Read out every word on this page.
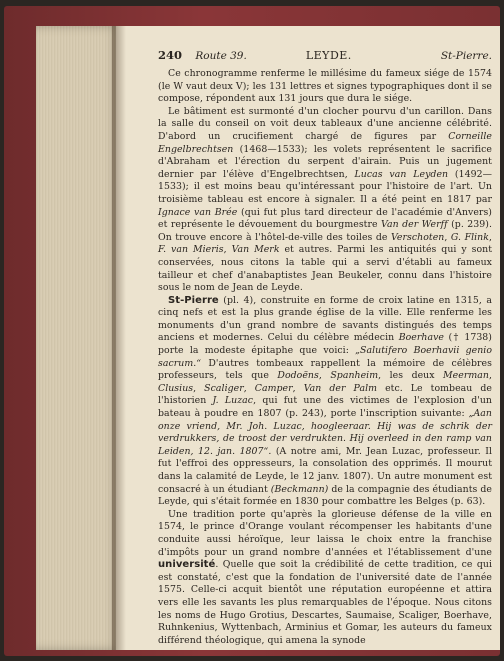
240 Route 39.	LEYDE.	St-Pierre.

Ce chronogramme renferme le millésime du fameux siége de 1574 (le W vaut deux V); les 131 lettres et signes typographiques dont il se compose, répondent aux 131 jours que dura le siége.

Le bâtiment est surmonté d'un clocher pourvu d'un carillon. Dans la salle du conseil on voit deux tableaux d'une ancienne célébrité. D'abord un crucifiement chargé de figures par Corneille Engelbrechtsen (1468—1533); les volets représentent le sacrifice d'Abraham et l'érection du serpent d'airain. Puis un jugement dernier par l'élève d'Engelbrechtsen, Lucas van Leyden (1492—1533); il est moins beau qu'intéressant pour l'histoire de l'art. Un troisième tableau est encore à signaler. Il a été peint en 1817 par Ignace van Brée (qui fut plus tard directeur de l'académie d'Anvers) et représente le dévouement du bourgmestre Van der Werff (p. 239). On trouve encore à l'hôtel-de-ville des toiles de Verschoten, G. Flink, F. van Mieris, Van Merk et autres. Parmi les antiquités qui y sont conservées, nous citons la table qui a servi d'établi au fameux tailleur et chef d'anabaptistes Jean Beukeler, connu dans l'histoire sous le nom de Jean de Leyde.

St-Pierre (pl. 4), construite en forme de croix latine en 1315, a cinq nefs et est la plus grande église de la ville. Elle renferme les monuments d'un grand nombre de savants distingués des temps anciens et modernes. Celui du célèbre médecin Boerhave († 1738) porte la modeste épitaphe que voici: „Salutifero Boerhavii genio sacrum.“ D'autres tombeaux rappellent la mémoire de célèbres professeurs, tels que Dodoëns, Spanheim, les deux Meerman, Clusius, Scaliger, Camper, Van der Palm etc. Le tombeau de l'historien J. Luzac, qui fut une des victimes de l'explosion d'un bateau à poudre en 1807 (p. 243), porte l'inscription suivante: „Aan onze vriend, Mr. Joh. Luzac, hoogleeraar. Hij was de schrik der verdrukkers, de troost der verdrukten. Hij overleed in den ramp van Leiden, 12. jan. 1807“. (A notre ami, Mr. Jean Luzac, professeur. Il fut l'effroi des oppresseurs, la consolation des opprimés. Il mourut dans la calamité de Leyde, le 12 janv. 1807). Un autre monument est consacré à un étudiant (Beckmann) de la compagnie des étudiants de Leyde, qui s'était formée en 1830 pour combattre les Belges (p. 63).

Une tradition porte qu'après la glorieuse défense de la ville en 1574, le prince d'Orange voulant récompenser les habitants d'une conduite aussi héroïque, leur laissa le choix entre la franchise d'impôts pour un grand nombre d'années et l'établissement d'une université. Quelle que soit la crédibilité de cette tradition, ce qui est constaté, c'est que la fondation de l'université date de l'année 1575. Celle-ci acquit bientôt une réputation européenne et attira vers elle les savants les plus remarquables de l'époque. Nous citons les noms de Hugo Grotius, Descartes, Saumaise, Scaliger, Boerhave, Ruhnkenius, Wyttenbach, Arminius et Gomar, les auteurs du fameux différend théologique, qui amena la synode
